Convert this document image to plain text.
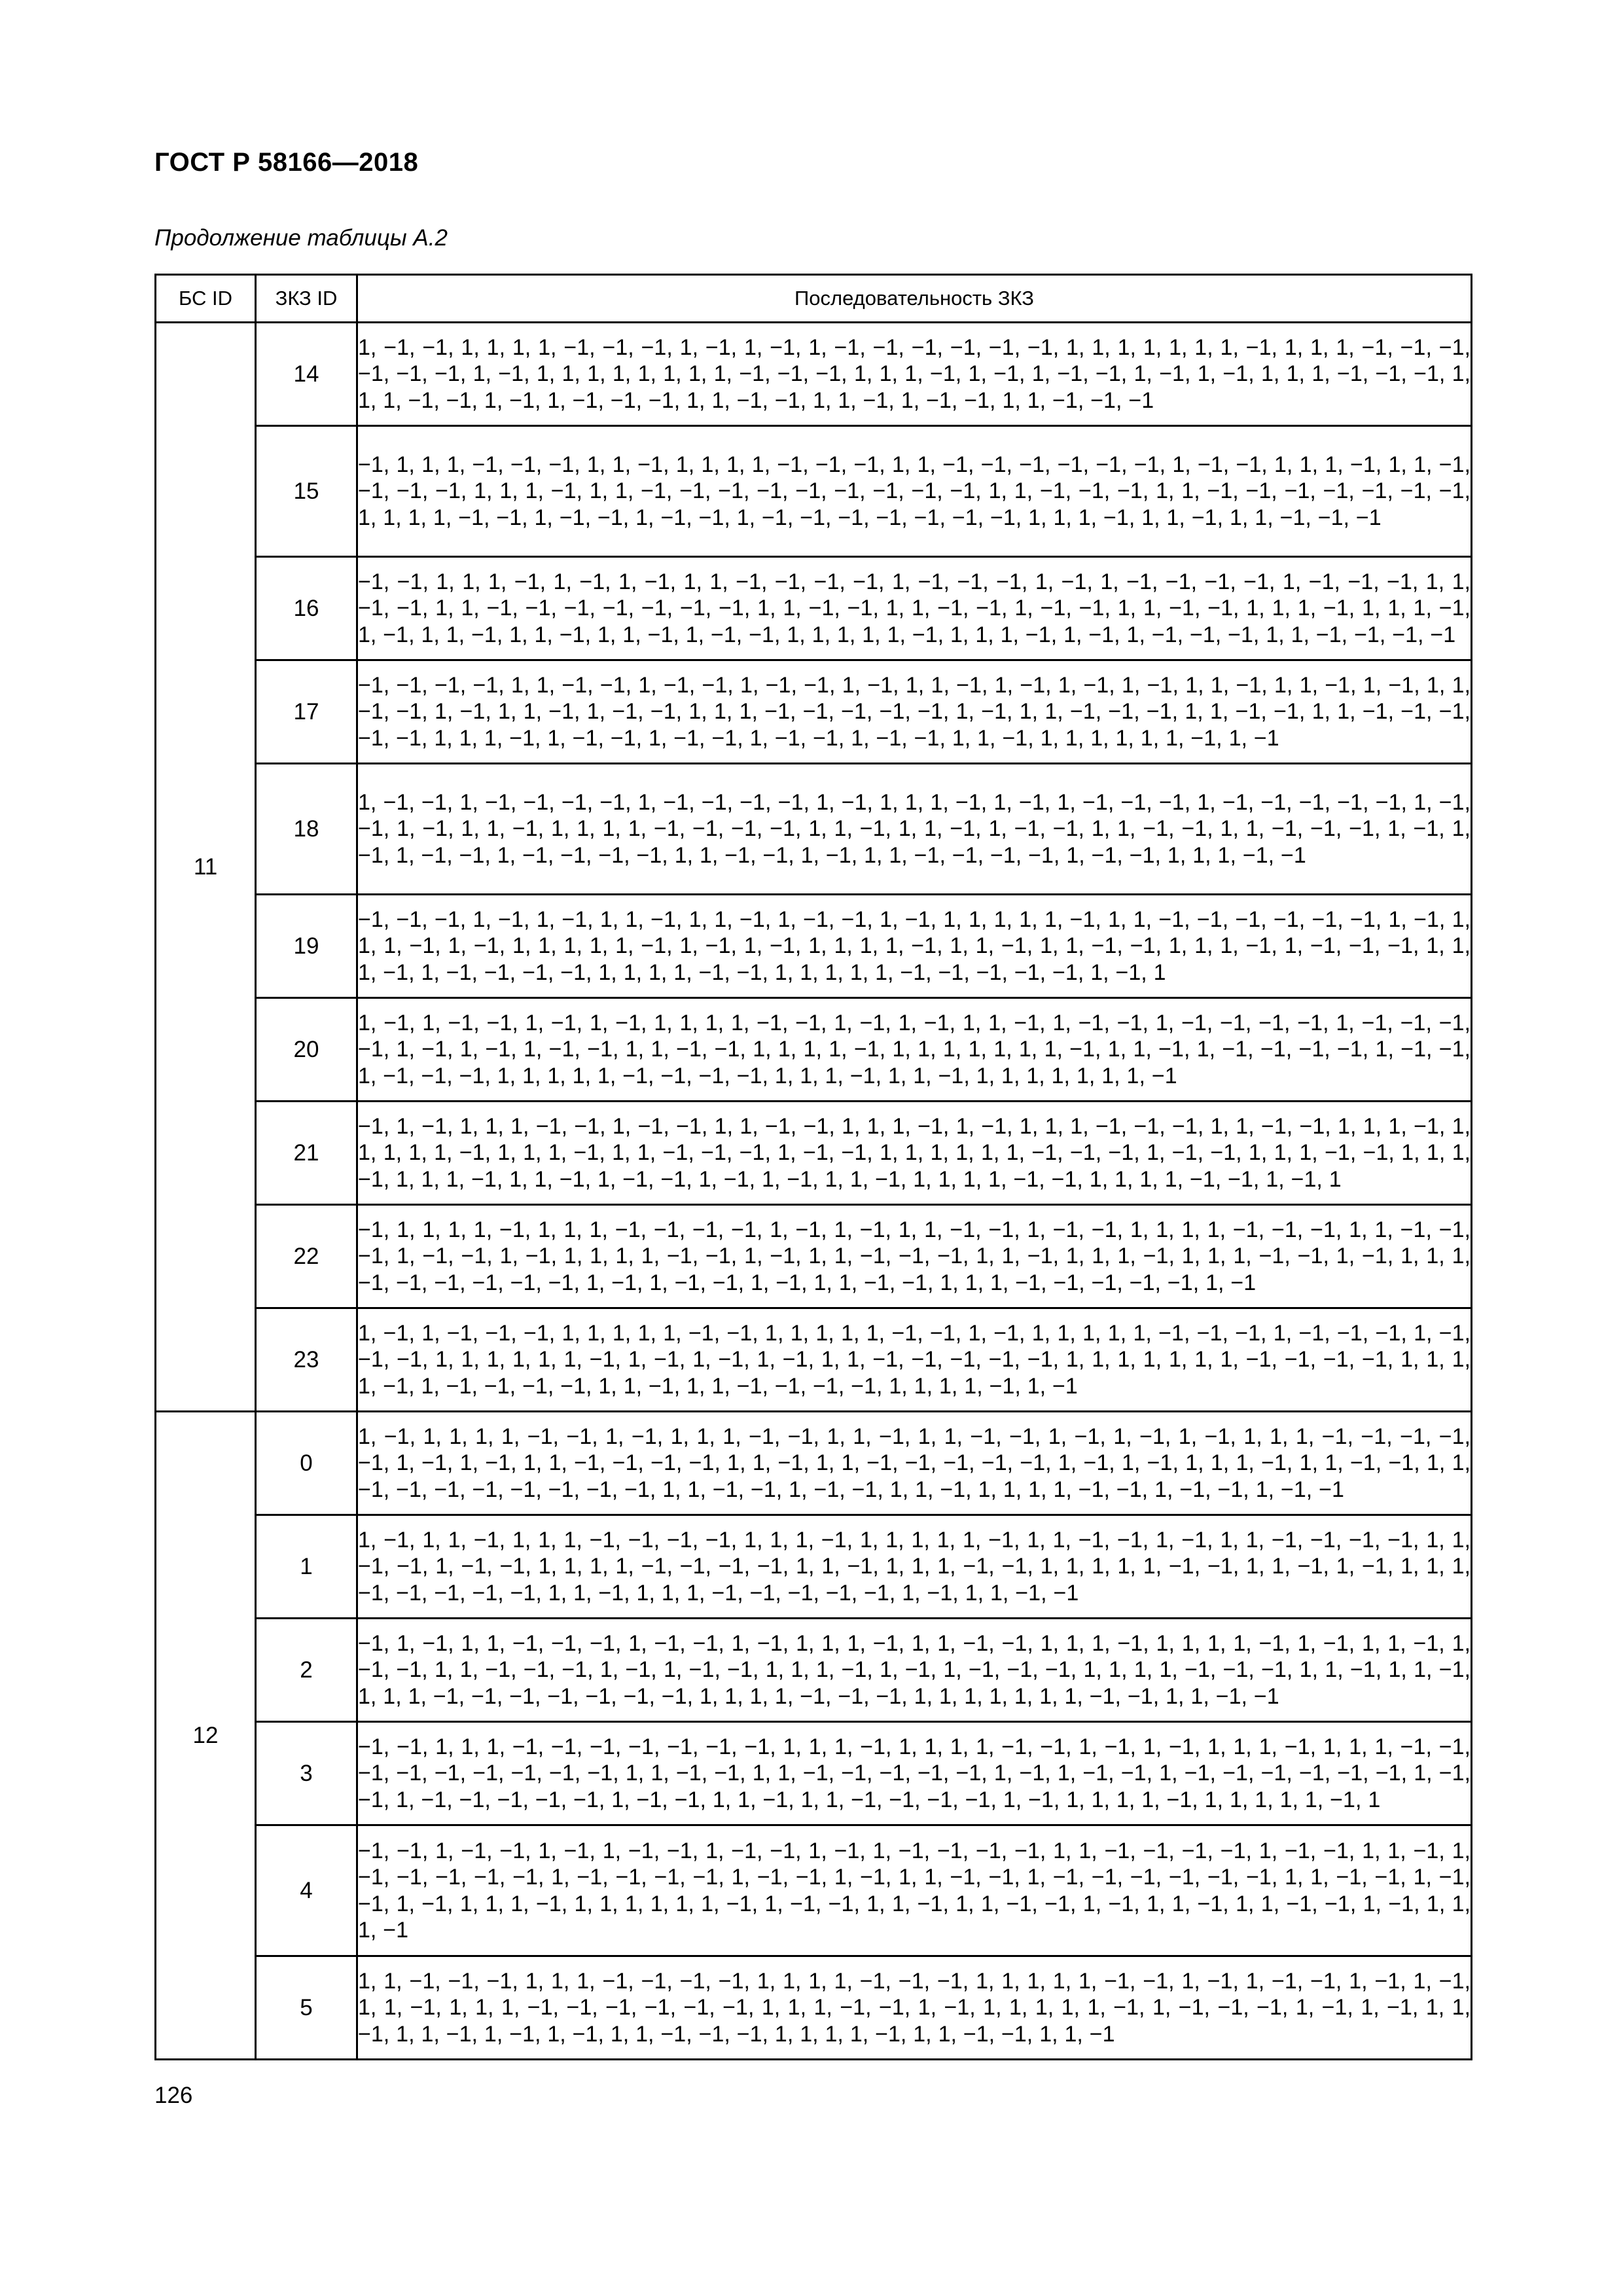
ГОСТ Р 58166—2018
Продолжение таблицы А.2
БС ID	ЗКЗ ID	Последовательность ЗКЗ
11	14	1, −1, −1, 1, 1, 1, 1, −1, −1, −1, 1, −1, 1, −1, 1, −1, −1, −1, −1, −1, −1, 1, 1, 1, 1, 1, 1, 1, −1, 1, 1, 1, −1, −1, −1, −1, −1, −1, 1, −1, 1, 1, 1, 1, 1, 1, 1, 1, −1, −1, −1, 1, 1, 1, −1, 1, −1, 1, −1, −1, 1, −1, 1, −1, 1, 1, 1, −1, −1, −1, 1, 1, 1, −1, −1, 1, −1, 1, −1, −1, −1, 1, 1, −1, −1, 1, 1, −1, 1, −1, −1, 1, 1, −1, −1, −1
	15	−1, 1, 1, 1, −1, −1, −1, 1, 1, −1, 1, 1, 1, 1, −1, −1, −1, 1, 1, −1, −1, −1, −1, −1, −1, 1, −1, −1, 1, 1, 1, −1, 1, 1, −1, −1, −1, −1, 1, 1, 1, −1, 1, 1, −1, −1, −1, −1, −1, −1, −1, −1, −1, 1, 1, −1, −1, −1, 1, 1, −1, −1, −1, −1, −1, −1, −1, 1, 1, 1, 1, −1, −1, 1, −1, −1, 1, −1, −1, 1, −1, −1, −1, −1, −1, −1, −1, 1, 1, 1, −1, 1, 1, −1, 1, 1, −1, −1, −1
	16	−1, −1, 1, 1, 1, −1, 1, −1, 1, −1, 1, 1, −1, −1, −1, −1, 1, −1, −1, −1, 1, −1, 1, −1, −1, −1, −1, 1, −1, −1, −1, 1, 1, −1, −1, 1, 1, −1, −1, −1, −1, −1, −1, −1, 1, 1, −1, −1, 1, 1, −1, −1, 1, −1, −1, 1, 1, −1, −1, 1, 1, 1, −1, 1, 1, 1, −1, 1, −1, 1, 1, −1, 1, 1, −1, 1, 1, −1, 1, −1, −1, 1, 1, 1, 1, 1, −1, 1, 1, 1, −1, 1, −1, 1, −1, −1, −1, 1, 1, −1, −1, −1, −1
	17	−1, −1, −1, −1, 1, 1, −1, −1, 1, −1, −1, 1, −1, −1, 1, −1, 1, 1, −1, 1, −1, 1, −1, 1, −1, 1, 1, −1, 1, 1, −1, 1, −1, 1, 1, −1, −1, 1, −1, 1, 1, −1, 1, −1, −1, 1, 1, 1, −1, −1, −1, −1, −1, 1, −1, 1, 1, −1, −1, −1, 1, 1, −1, −1, 1, 1, −1, −1, −1, −1, −1, 1, 1, 1, −1, 1, −1, −1, 1, −1, −1, 1, −1, −1, 1, −1, −1, 1, 1, −1, 1, 1, 1, 1, 1, 1, −1, 1, −1
	18	1, −1, −1, 1, −1, −1, −1, −1, 1, −1, −1, −1, −1, 1, −1, 1, 1, 1, −1, 1, −1, 1, −1, −1, −1, 1, −1, −1, −1, −1, −1, 1, −1, −1, 1, −1, 1, 1, −1, 1, 1, 1, 1, −1, −1, −1, −1, 1, 1, −1, 1, 1, −1, 1, −1, −1, 1, 1, −1, −1, 1, 1, −1, −1, −1, 1, −1, 1, −1, 1, −1, −1, 1, −1, −1, −1, −1, 1, 1, −1, −1, 1, −1, 1, 1, −1, −1, −1, −1, 1, −1, −1, 1, 1, 1, −1, −1
	19	−1, −1, −1, 1, −1, 1, −1, 1, 1, −1, 1, 1, −1, 1, −1, −1, 1, −1, 1, 1, 1, 1, 1, −1, 1, 1, −1, −1, −1, −1, −1, −1, 1, −1, 1, 1, 1, −1, 1, −1, 1, 1, 1, 1, 1, −1, 1, −1, 1, −1, 1, 1, 1, 1, −1, 1, 1, −1, 1, 1, −1, −1, 1, 1, 1, −1, 1, −1, −1, −1, 1, 1, 1, −1, 1, −1, −1, −1, −1, 1, 1, 1, 1, −1, −1, 1, 1, 1, 1, 1, −1, −1, −1, −1, −1, 1, −1, 1
	20	1, −1, 1, −1, −1, 1, −1, 1, −1, 1, 1, 1, 1, −1, −1, 1, −1, 1, −1, 1, 1, −1, 1, −1, −1, 1, −1, −1, −1, −1, 1, −1, −1, −1, −1, 1, −1, 1, −1, 1, −1, −1, 1, 1, −1, −1, 1, 1, 1, 1, −1, 1, 1, 1, 1, 1, 1, 1, −1, 1, 1, −1, 1, −1, −1, −1, −1, 1, −1, −1, 1, −1, −1, −1, 1, 1, 1, 1, 1, −1, −1, −1, −1, 1, 1, 1, −1, 1, 1, −1, 1, 1, 1, 1, 1, 1, 1, −1
	21	−1, 1, −1, 1, 1, 1, −1, −1, 1, −1, −1, 1, 1, −1, −1, 1, 1, 1, −1, 1, −1, 1, 1, 1, −1, −1, −1, 1, 1, −1, −1, 1, 1, 1, −1, 1, 1, 1, 1, 1, −1, 1, 1, 1, −1, 1, 1, −1, −1, −1, 1, −1, −1, 1, 1, 1, 1, 1, 1, −1, −1, −1, 1, −1, −1, 1, 1, 1, −1, −1, 1, 1, 1, −1, 1, 1, 1, −1, 1, 1, −1, 1, −1, −1, 1, −1, 1, −1, 1, 1, −1, 1, 1, 1, 1, −1, −1, 1, 1, 1, 1, −1, −1, 1, −1, 1
	22	−1, 1, 1, 1, 1, −1, 1, 1, 1, −1, −1, −1, −1, 1, −1, 1, −1, 1, 1, −1, −1, 1, −1, −1, 1, 1, 1, 1, −1, −1, −1, 1, 1, −1, −1, −1, 1, −1, −1, 1, −1, 1, 1, 1, 1, −1, −1, 1, −1, 1, 1, −1, −1, −1, 1, 1, −1, 1, 1, 1, −1, 1, 1, 1, −1, −1, 1, −1, 1, 1, 1, −1, −1, −1, −1, −1, −1, 1, −1, 1, −1, −1, 1, −1, 1, 1, −1, −1, 1, 1, 1, −1, −1, −1, −1, −1, 1, −1
	23	1, −1, 1, −1, −1, −1, 1, 1, 1, 1, 1, −1, −1, 1, 1, 1, 1, 1, −1, −1, 1, −1, 1, 1, 1, 1, 1, −1, −1, −1, 1, −1, −1, −1, 1, −1, −1, −1, 1, 1, 1, 1, 1, 1, −1, 1, −1, 1, −1, 1, −1, 1, 1, −1, −1, −1, −1, −1, 1, 1, 1, 1, 1, 1, 1, −1, −1, −1, −1, 1, 1, 1, 1, −1, 1, −1, −1, −1, −1, 1, 1, −1, 1, 1, −1, −1, −1, −1, 1, 1, 1, 1, −1, 1, −1
12	0	1, −1, 1, 1, 1, 1, −1, −1, 1, −1, 1, 1, 1, −1, −1, 1, 1, −1, 1, 1, −1, −1, 1, −1, 1, −1, 1, −1, 1, 1, 1, −1, −1, −1, −1, −1, 1, −1, 1, −1, 1, 1, −1, −1, −1, −1, 1, 1, −1, 1, 1, −1, −1, −1, −1, −1, 1, −1, 1, −1, 1, 1, 1, −1, 1, 1, −1, −1, 1, 1, −1, −1, −1, −1, −1, −1, −1, −1, 1, 1, −1, −1, 1, −1, −1, 1, 1, −1, 1, 1, 1, 1, −1, −1, 1, −1, −1, 1, −1, −1
	1	1, −1, 1, 1, −1, 1, 1, 1, −1, −1, −1, −1, 1, 1, 1, −1, 1, 1, 1, 1, 1, −1, 1, 1, −1, −1, 1, −1, 1, 1, −1, −1, −1, −1, 1, 1, −1, −1, 1, −1, −1, 1, 1, 1, 1, −1, −1, −1, −1, 1, 1, −1, 1, 1, 1, −1, −1, 1, 1, 1, 1, 1, −1, −1, 1, 1, −1, 1, −1, 1, 1, 1, −1, −1, −1, −1, −1, 1, 1, −1, 1, 1, 1, −1, −1, −1, −1, −1, 1, −1, 1, 1, −1, −1
	2	−1, 1, −1, 1, 1, −1, −1, −1, 1, −1, −1, 1, −1, 1, 1, 1, −1, 1, 1, −1, −1, 1, 1, 1, −1, 1, 1, 1, 1, −1, 1, −1, 1, 1, −1, 1, −1, −1, 1, 1, −1, −1, −1, 1, −1, 1, −1, −1, 1, 1, 1, −1, 1, −1, 1, −1, −1, −1, 1, 1, 1, 1, −1, −1, −1, 1, 1, −1, 1, 1, −1, 1, 1, 1, −1, −1, −1, −1, −1, −1, −1, 1, 1, 1, 1, −1, −1, −1, 1, 1, 1, 1, 1, 1, 1, −1, −1, 1, 1, −1, −1
	3	−1, −1, 1, 1, 1, −1, −1, −1, −1, −1, −1, −1, 1, 1, 1, −1, 1, 1, 1, 1, −1, −1, 1, −1, 1, −1, 1, 1, 1, −1, 1, 1, 1, −1, −1, −1, −1, −1, −1, −1, −1, −1, 1, 1, −1, −1, 1, 1, −1, −1, −1, −1, −1, 1, −1, 1, −1, −1, 1, −1, −1, −1, −1, −1, −1, 1, −1, −1, 1, −1, −1, −1, −1, −1, 1, −1, −1, 1, 1, −1, 1, 1, −1, −1, −1, −1, 1, −1, 1, 1, 1, 1, −1, 1, 1, 1, 1, 1, −1, 1
	4	−1, −1, 1, −1, −1, 1, −1, 1, −1, −1, 1, −1, −1, 1, −1, 1, −1, −1, −1, −1, 1, 1, −1, −1, −1, −1, 1, −1, −1, 1, 1, −1, 1, −1, −1, −1, −1, −1, 1, −1, −1, −1, −1, 1, −1, −1, 1, −1, 1, 1, −1, −1, 1, −1, −1, −1, −1, −1, −1, 1, 1, −1, −1, 1, −1, −1, 1, −1, 1, 1, 1, −1, 1, 1, 1, 1, 1, 1, −1, 1, −1, −1, 1, 1, −1, 1, 1, −1, −1, 1, −1, 1, 1, −1, 1, 1, −1, −1, 1, −1, 1, 1, 1, −1
	5	1, 1, −1, −1, −1, 1, 1, 1, −1, −1, −1, −1, 1, 1, 1, 1, −1, −1, −1, 1, 1, 1, 1, 1, −1, −1, 1, −1, 1, −1, −1, 1, −1, 1, −1, 1, 1, −1, 1, 1, 1, −1, −1, −1, −1, −1, −1, 1, 1, 1, −1, −1, 1, −1, 1, 1, 1, 1, 1, −1, 1, −1, −1, −1, 1, −1, 1, −1, 1, 1, −1, 1, 1, −1, 1, −1, 1, −1, 1, 1, −1, −1, −1, 1, 1, 1, 1, −1, 1, 1, −1, −1, 1, 1, −1
126
